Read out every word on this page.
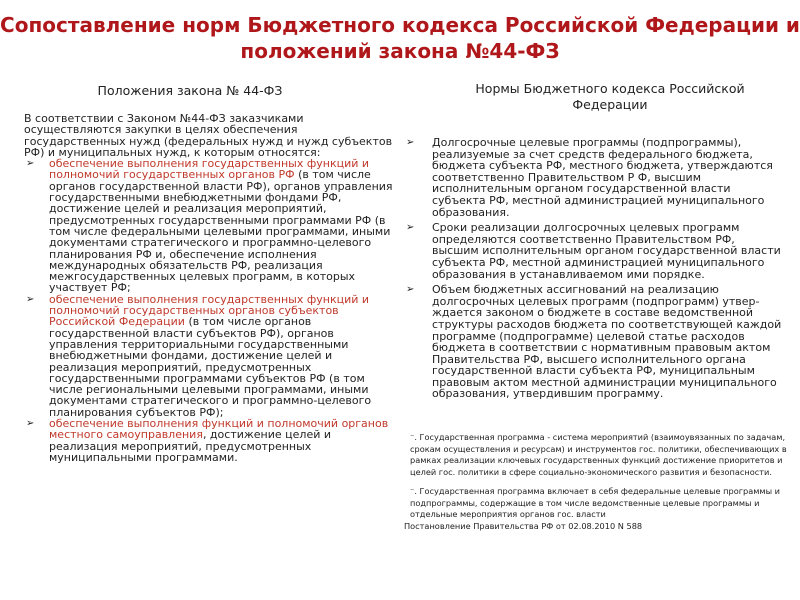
Сопоставление норм Бюджетного кодекса Российской Федерации и положений закона №44-ФЗ
Положения закона № 44-ФЗ	Нормы Бюджетного кодекса Российской Федерации

В соответствии с Законом №44-ФЗ заказчиками осуществляются закупки в целях обеспечения государственных нужд (федеральных нужд и нужд субъектов РФ) и муниципальных нужд, к которым относятся:

➢ обеспечение выполнения государственных функций и полномочий государственных органов РФ (в том числе органов государственной власти РФ), органов управления государственными внебюджетными фондами РФ, достижение целей и реализация мероприятий, предусмотренных государственными программами РФ (в том числе федеральными целевыми программами, иными документами стратегического и программно-целевого планирования РФ и, обеспечение исполнения международных обязательств РФ, реализация межгосударственных целевых программ, в которых участвует РФ;

➢ обеспечение выполнения государственных функций и полномочий государственных органов субъектов Российской Федерации (в том числе органов государственной власти субъектов РФ), органов управления территориальными государственными внебюджетными фондами, достижение целей и реализация мероприятий, предусмотренных государственными программами субъектов РФ (в том числе региональными целевыми программами, иными документами стратегического и программно-целевого планирования субъектов РФ);

➢ обеспечение выполнения функций и полномочий органов местного самоуправления, достижение целей и реализация мероприятий, предусмотренных муниципальными программами.

➢ Долгосрочные целевые программы (подпрограммы), реализуемые за счет средств федерального бюджета, бюджета субъекта РФ, местного бюджета, утверждаются соответственно Правительством Р Ф, высшим исполнительным органом государственной власти субъекта РФ, местной администрацией муниципального образования.

➢ Сроки реализации долгосрочных целевых программ определяются соответственно Правительством РФ, высшим исполнительным органом государственной власти субъекта РФ, местной администрацией муниципального образования в устанавливаемом ими порядке.

➢ Объем бюджетных ассигнований на реализацию долгосрочных целевых программ (подпрограмм) утвер- ждается законом о бюджете в составе ведомственной структуры расходов бюджета по соответствующей каждой программе (подпрограмме) целевой статье расходов бюджета в соответствии с нормативным правовым актом Правительства РФ, высшего исполнительного органа государственной власти субъекта РФ, муниципальным правовым актом местной администрации муниципального образования, утвердившим программу.

⁻. Государственная программа - система мероприятий (взаимоувязанных по задачам, срокам осуществления и ресурсам) и инструментов гос. политики, обеспечивающих в рамках реализации ключевых государственных функций достижение приоритетов и целей гос. политики в сфере социально-экономического развития и безопасности.

⁻. Государственная программа включает в себя федеральные целевые программы и подпрограммы, содержащие в том числе ведомственные целевые программы и отдельные мероприятия органов гос. власти

Постановление Правительства РФ от 02.08.2010 N 588
